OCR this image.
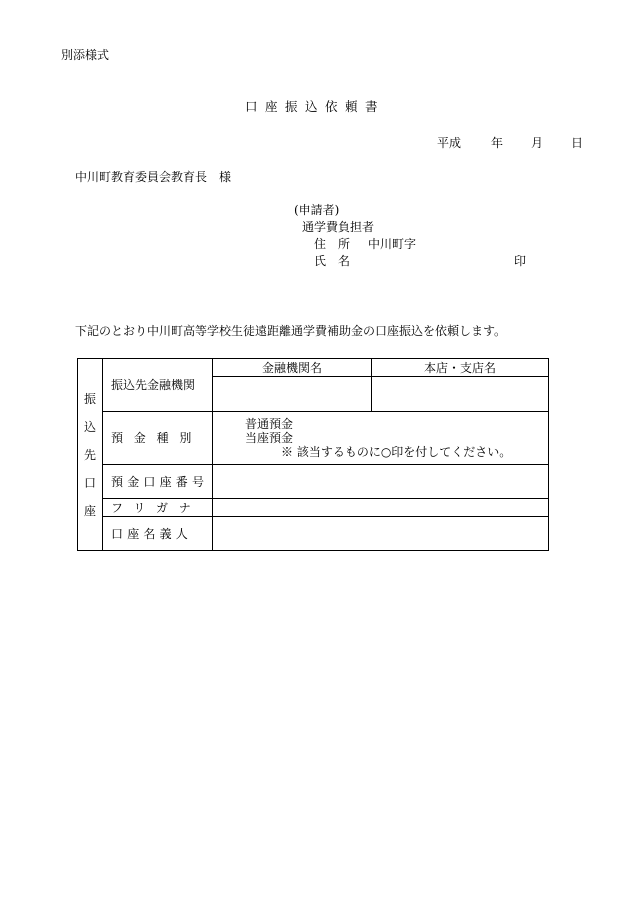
別添様式
口座振込依頼書
平成 年 月 日
中川町教育委員会教育長　様
(申請者)
通学費負担者
住　所 中川町字
氏　名	印
下記のとおり中川町高等学校生徒遠距離通学費補助金の口座振込を依頼します。
振
込
先
口
座	振込先金融機関	金融機関名	本店・支店名

	預金種別	普通預金
当座預金
※ 該当するものに○印を付してください。	

	預金口座番号		
	フリガナ		
	口座名義人		
